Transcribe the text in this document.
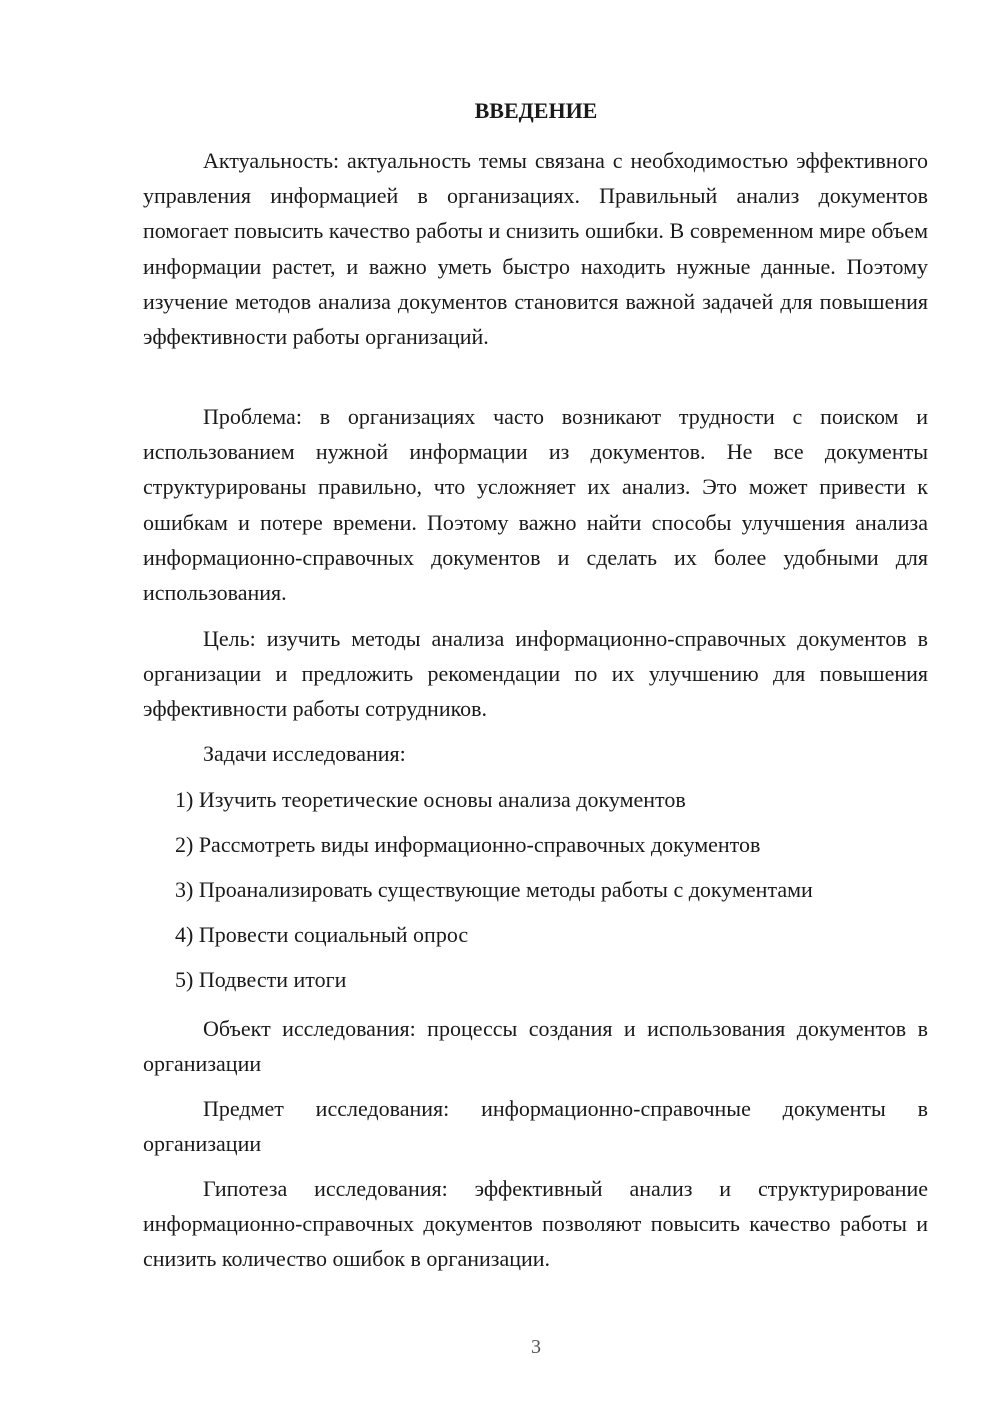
ВВЕДЕНИЕ

Актуальность: актуальность темы связана с необходимостью эффективного управления информацией в организациях. Правильный анализ документов помогает повысить качество работы и снизить ошибки. В современном мире объем информации растет, и важно уметь быстро находить нужные данные. Поэтому изучение методов анализа документов становится важной задачей для повышения эффективности работы организаций.

Проблема: в организациях часто возникают трудности с поиском и использованием нужной информации из документов. Не все документы структурированы правильно, что усложняет их анализ. Это может привести к ошибкам и потере времени. Поэтому важно найти способы улучшения анализа информационно-справочных документов и сделать их более удобными для использования.

Цель: изучить методы анализа информационно-справочных документов в организации и предложить рекомендации по их улучшению для повышения эффективности работы сотрудников.

Задачи исследования:

1) Изучить теоретические основы анализа документов

2) Рассмотреть виды информационно-справочных документов

3) Проанализировать существующие методы работы с документами

4) Провести социальный опрос

5) Подвести итоги

Объект исследования: процессы создания и использования документов в организации

Предмет исследования: информационно-справочные документы в организации

Гипотеза исследования: эффективный анализ и структурирование информационно-справочных документов позволяют повысить качество работы и снизить количество ошибок в организации.

3
